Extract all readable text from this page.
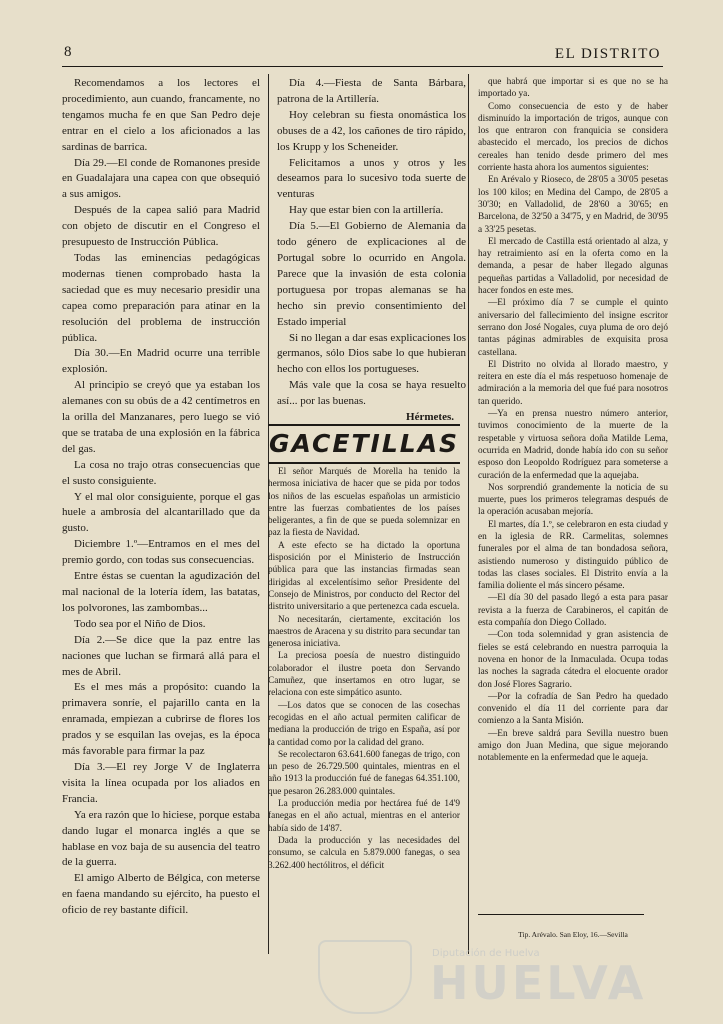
8	EL DISTRITO

Recomendamos a los lectores el procedimiento, aun cuando, francamente, no tengamos mucha fe en que San Pedro deje entrar en el cielo a los aficionados a las sardinas de barrica.

Día 29.—El conde de Romanones preside en Guadalajara una capea con que obsequió a sus amigos.

Después de la capea salió para Madrid con objeto de discutir en el Congreso el presupuesto de Instrucción Pública.

Todas las eminencias pedagógicas modernas tienen comprobado hasta la saciedad que es muy necesario presidir una capea como preparación para atinar en la resolución del problema de instrucción pública.

Día 30.—En Madrid ocurre una terrible explosión.

Al principio se creyó que ya estaban los alemanes con su obús de a 42 centímetros en la orilla del Manzanares, pero luego se vió que se trataba de una explosión en la fábrica del gas.

La cosa no trajo otras consecuencias que el susto consiguiente.

Y el mal olor consiguiente, porque el gas huele a ambrosía del alcantarillado que da gusto.

Diciembre 1.º—Entramos en el mes del premio gordo, con todas sus consecuencias.

Entre éstas se cuentan la agudización del mal nacional de la lotería ídem, las batatas, los polvorones, las zambombas...

Todo sea por el Niño de Dios.

Día 2.—Se dice que la paz entre las naciones que luchan se firmará allá para el mes de Abril.

Es el mes más a propósito: cuando la primavera sonríe, el pajarillo canta en la enramada, empiezan a cubrirse de flores los prados y se esquilan las ovejas, es la época más favorable para firmar la paz

Día 3.—El rey Jorge V de Inglaterra visita la línea ocupada por los aliados en Francia.

Ya era razón que lo hiciese, porque estaba dando lugar el monarca inglés a que se hablase en voz baja de su ausencia del teatro de la guerra.

El amigo Alberto de Bélgica, con meterse en faena mandando su ejército, ha puesto el oficio de rey bastante difícil.

Día 4.—Fiesta de Santa Bárbara, patrona de la Artillería.

Hoy celebran su fiesta onomástica los obuses de a 42, los cañones de tiro rápido, los Krupp y los Scheneider.

Felicitamos a unos y otros y les deseamos para lo sucesivo toda suerte de venturas

Hay que estar bien con la artillería.

Día 5.—El Gobierno de Alemania da todo género de explicaciones al de Portugal sobre lo ocurrido en Angola. Parece que la invasión de esta colonia portuguesa por tropas alemanas se ha hecho sin previo consentimiento del Estado imperial

Si no llegan a dar esas explicaciones los germanos, sólo Dios sabe lo que hubieran hecho con ellos los portugueses.

Más vale que la cosa se haya resuelto así... por las buenas.

Hérmetes.

GACETILLAS

El señor Marqués de Morella ha tenido la hermosa iniciativa de hacer que se pida por todos los niños de las escuelas españolas un armisticio entre las fuerzas combatientes de los países beligerantes, a fin de que se pueda solemnizar en paz la fiesta de Navidad.

A este efecto se ha dictado la oportuna disposición por el Ministerio de Instrucción pública para que las instancias firmadas sean dirigidas al excelentísimo señor Presidente del Consejo de Ministros, por conducto del Rector del distrito universitario a que pertenezca cada escuela.

No necesitarán, ciertamente, excitación los maestros de Aracena y su distrito para secundar tan generosa iniciativa.

La preciosa poesía de nuestro distinguido colaborador el ilustre poeta don Servando Camuñez, que insertamos en otro lugar, se relaciona con este simpático asunto.

—Los datos que se conocen de las cosechas recogidas en el año actual permiten calificar de mediana la producción de trigo en España, así por la cantidad como por la calidad del grano.

Se recolectaron 63.641.600 fanegas de trigo, con un peso de 26.729.500 quintales, mientras en el año 1913 la producción fué de fanegas 64.351.100, que pesaron 26.283.000 quintales.

La producción media por hectárea fué de 14'9 fanegas en el año actual, mientras en el anterior había sido de 14'87.

Dada la producción y las necesidades del consumo, se calcula en 5.879.000 fanegas, o sea 3.262.400 hectólitros, el déficit

que habrá que importar si es que no se ha importado ya.

Como consecuencia de esto y de haber disminuído la importación de trigos, aunque con los que entraron con franquicia se considera abastecido el mercado, los precios de dichos cereales han tenido desde primero del mes corriente hasta ahora los aumentos siguientes:

En Arévalo y Rioseco, de 28'05 a 30'05 pesetas los 100 kilos; en Medina del Campo, de 28'05 a 30'30; en Valladolid, de 28'60 a 30'65; en Barcelona, de 32'50 a 34'75, y en Madrid, de 30'95 a 33'25 pesetas.

El mercado de Castilla está orientado al alza, y hay retraimiento así en la oferta como en la demanda, a pesar de haber llegado algunas pequeñas partidas a Valladolid, por necesidad de hacer fondos en este mes.

—El próximo día 7 se cumple el quinto aniversario del fallecimiento del insigne escritor serrano don José Nogales, cuya pluma de oro dejó tantas páginas admirables de exquisita prosa castellana.

El Distrito no olvida al llorado maestro, y reitera en este día el más respetuoso homenaje de admiración a la memoria del que fué para nosotros tan querido.

—Ya en prensa nuestro número anterior, tuvimos conocimiento de la muerte de la respetable y virtuosa señora doña Matilde Lema, ocurrida en Madrid, donde había ido con su señor esposo don Leopoldo Rodríguez para someterse a curación de la enfermedad que la aquejaba.

Nos sorprendió grandemente la noticia de su muerte, pues los primeros telegramas después de la operación acusaban mejoría.

El martes, día 1.º, se celebraron en esta ciudad y en la iglesia de RR. Carmelitas, solemnes funerales por el alma de tan bondadosa señora, asistiendo numeroso y distinguido público de todas las clases sociales. El Distrito envía a la familia doliente el más sincero pésame.

—El día 30 del pasado llegó a esta para pasar revista a la fuerza de Carabineros, el capitán de esta compañía don Diego Collado.

—Con toda solemnidad y gran asistencia de fieles se está celebrando en nuestra parroquia la novena en honor de la Inmaculada. Ocupa todas las noches la sagrada cátedra el elocuente orador don José Flores Sagrario.

—Por la cofradía de San Pedro ha quedado convenido el día 11 del corriente para dar comienzo a la Santa Misión.

—En breve saldrá para Sevilla nuestro buen amigo don Juan Medina, que sigue mejorando notablemente en la enfermedad que le aqueja.

Tip. Arévalo. San Eloy, 16.—Sevilla
Diputación de Huelva
HUELVA
